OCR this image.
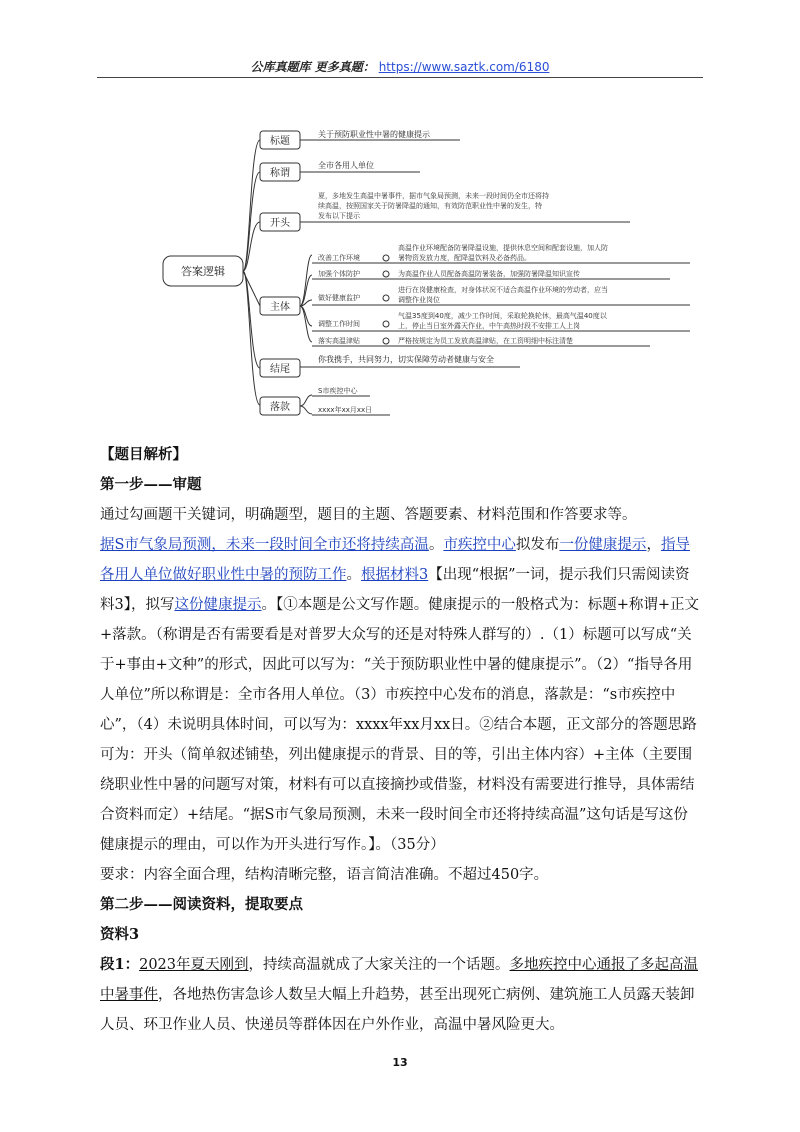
公库真题库 更多真题： https://www.saztk.com/6180
答案逻辑
标题
关于预防职业性中暑的健康提示
称谓
全市各用人单位
开头
夏，多地发生高温中暑事件，据市气象局预测，未来一段时间仍全市还将持
续高温，按照国家关于防暑降温的通知，有效防范职业性中暑的发生，特
发布以下提示
主体
改善工作环境
高温作业环境配备防暑降温设施，提供休息空间和配套设施，加人防
暑物资发放力度，配降温饮料及必备药品。
加强个体防护	为高温作业人员配备高温防暑装备，加强防暑降温知识宣传
做好健康监护
进行在岗健康检查，对身体状况不适合高温作业环境的劳动者，应当
调整作业岗位
调整工作时间
气温35度到40度，减少工作时间，采取轮换轮休，最高气温40度以
上，停止当日室外露天作业，中午高热时段不安排工人上岗
落实高温津贴	严格按规定为员工发放高温津贴，在工资明细中标注清楚
结尾
你我携手，共同努力，切实保障劳动者健康与安全
落款
S市疾控中心
xxxx年xx月xx日

【题目解析】

第一步——审题

通过勾画题干关键词，明确题型，题目的主题、答题要素、材料范围和作答要求等。

据S市气象局预测，未来一段时间全市还将持续高温。市疾控中心拟发布一份健康提示，指导各用人单位做好职业性中暑的预防工作。根据材料3【出现“根据”一词，提示我们只需阅读资料3】，拟写这份健康提示。【①本题是公文写作题。健康提示的一般格式为：标题+称谓+正文+落款。（称谓是否有需要看是对普罗大众写的还是对特殊人群写的）.（1）标题可以写成“关于+事由+文种”的形式，因此可以写为：“关于预防职业性中暑的健康提示”。（2）“指导各用人单位”所以称谓是：全市各用人单位。（3）市疾控中心发布的消息，落款是：“s市疾控中心”，（4）未说明具体时间，可以写为：xxxx年xx月xx日。②结合本题，正文部分的答题思路可为：开头（简单叙述铺垫，列出健康提示的背景、目的等，引出主体内容）+主体（主要围绕职业性中暑的问题写对策，材料有可以直接摘抄或借鉴，材料没有需要进行推导，具体需结合资料而定）+结尾。“据S市气象局预测，未来一段时间全市还将持续高温”这句话是写这份健康提示的理由，可以作为开头进行写作。】。（35分）

要求：内容全面合理，结构清晰完整，语言简洁准确。不超过450字。

第二步——阅读资料，提取要点

资料3

段1：2023年夏天刚到，持续高温就成了大家关注的一个话题。多地疾控中心通报了多起高温中暑事件，各地热伤害急诊人数呈大幅上升趋势，甚至出现死亡病例、建筑施工人员露天装卸人员、环卫作业人员、快递员等群体因在户外作业，高温中暑风险更大。

13
